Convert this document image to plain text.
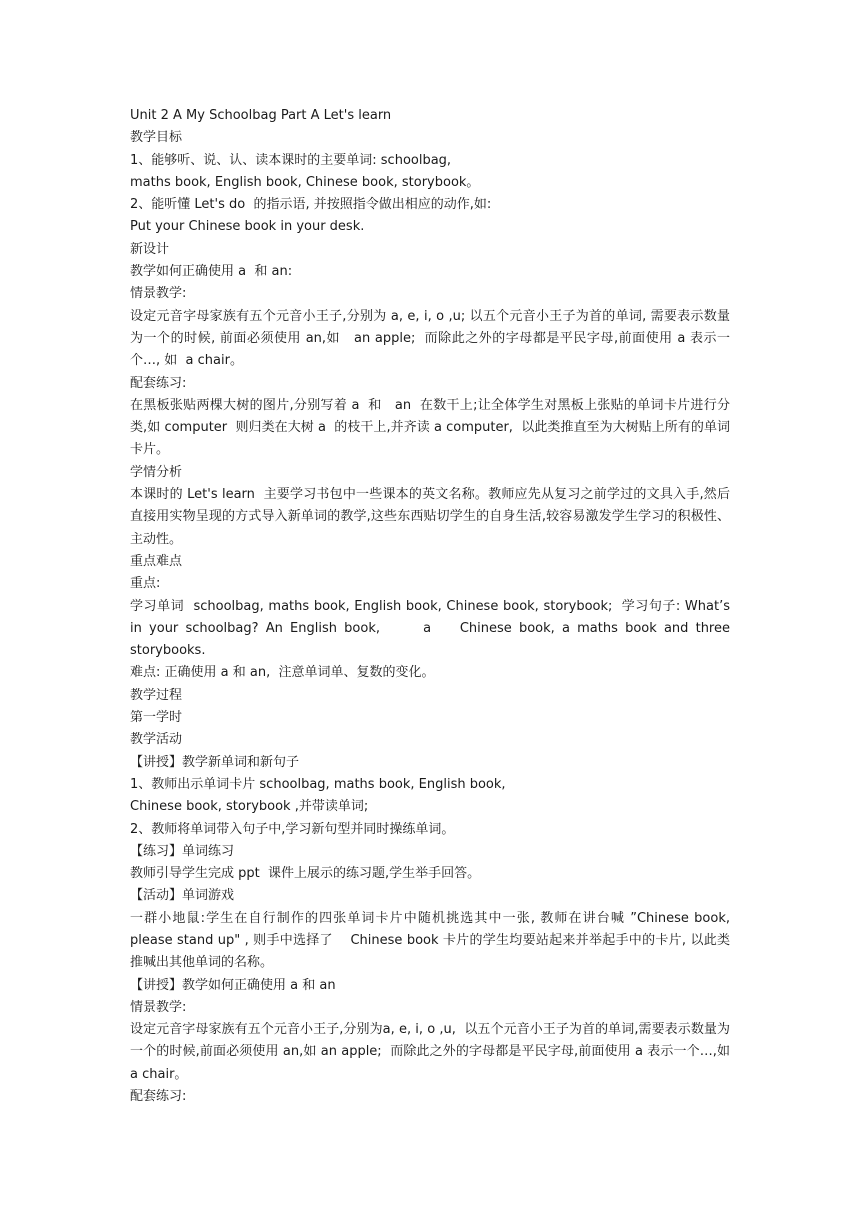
Unit 2 A My Schoolbag Part A Let's learn

教学目标

1、能够听、说、认、读本课时的主要单词: schoolbag,

maths book, English book, Chinese book, storybook。

2、能听懂 Let's do  的指示语, 并按照指令做出相应的动作,如:

Put your Chinese book in your desk.

新设计

教学如何正确使用 a  和 an:

情景教学:

设定元音字母家族有五个元音小王子,分别为 a, e, i, o ,u; 以五个元音小王子为首的单词, 需要表示数量为一个的时候, 前面必须使用 an,如   an apple;  而除此之外的字母都是平民字母,前面使用 a 表示一个…, 如  a chair。

配套练习:

在黑板张贴两棵大树的图片,分别写着 a  和   an  在数干上;让全体学生对黑板上张贴的单词卡片进行分类,如 computer  则归类在大树 a  的枝干上,并齐读 a computer,  以此类推直至为大树贴上所有的单词卡片。

学情分析

本课时的 Let's learn  主要学习书包中一些课本的英文名称。教师应先从复习之前学过的文具入手,然后直接用实物呈现的方式导入新单词的教学,这些东西贴切学生的自身生活,较容易激发学生学习的积极性、主动性。

重点难点

重点:

学习单词  schoolbag, maths book, English book, Chinese book, storybook;  学习句子: What’s in your schoolbag? An English book,      a    Chinese book, a maths book and three storybooks.

难点: 正确使用 a 和 an,  注意单词单、复数的变化。

教学过程

第一学时

教学活动

【讲授】教学新单词和新句子

1、教师出示单词卡片 schoolbag, maths book, English book,

Chinese book, storybook ,并带读单词;

2、教师将单词带入句子中,学习新句型并同时操练单词。

【练习】单词练习

教师引导学生完成 ppt  课件上展示的练习题,学生举手回答。

【活动】单词游戏

一群小地鼠:学生在自行制作的四张单词卡片中随机挑选其中一张, 教师在讲台喊 ”Chinese book, please stand up" , 则手中选择了    Chinese book 卡片的学生均要站起来并举起手中的卡片, 以此类推喊出其他单词的名称。

【讲授】教学如何正确使用 a 和 an

情景教学:

设定元音字母家族有五个元音小王子,分别为a, e, i, o ,u,  以五个元音小王子为首的单词,需要表示数量为一个的时候,前面必须使用 an,如 an apple;  而除此之外的字母都是平民字母,前面使用 a 表示一个…,如  a chair。

配套练习:
